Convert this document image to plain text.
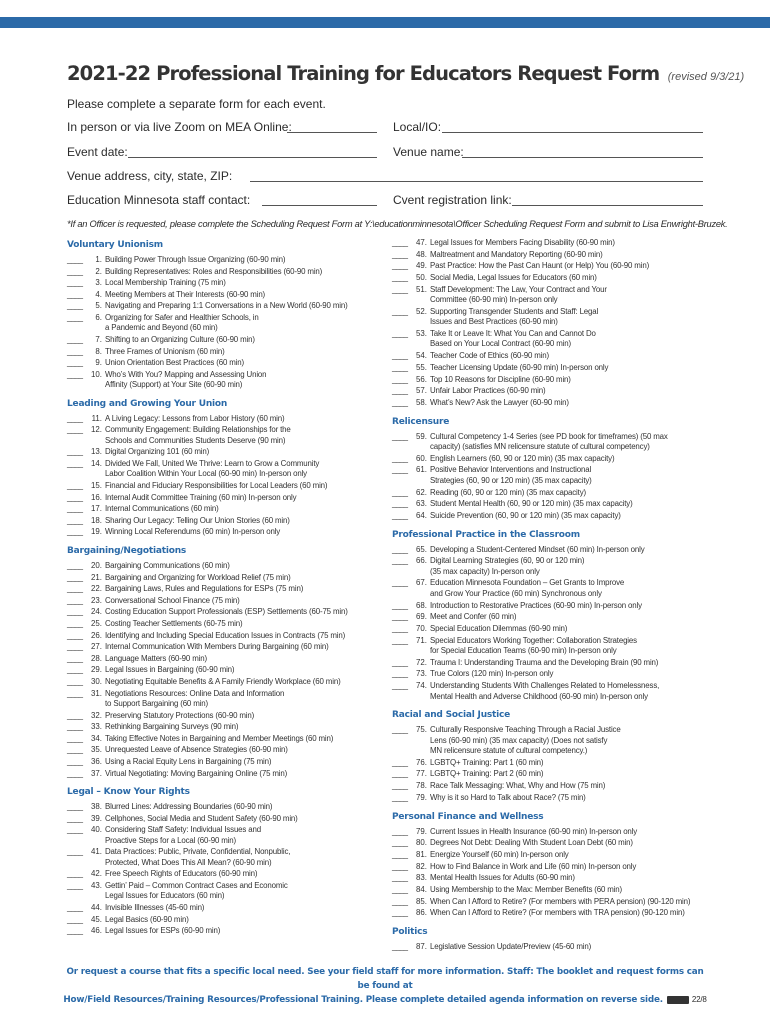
2021-22 Professional Training for Educators Request Form (revised 9/3/21)
Please complete a separate form for each event.
In person or via live Zoom on MEA Online:	Local/IO:
Event date:	Venue name:
Venue address, city, state, ZIP:
Education Minnesota staff contact:	Cvent registration link:
*If an Officer is requested, please complete the Scheduling Request Form at Y:\educationminnesota\Officer Scheduling Request Form and submit to Lisa Enwright-Bruzek.
Voluntary Unionism
____	1. Building Power Through Issue Organizing (60-90 min)
____	2. Building Representatives: Roles and Responsibilities (60-90 min)
____	3. Local Membership Training (75 min)
____	4. Meeting Members at Their Interests (60-90 min)
____	5. Navigating and Preparing 1:1 Conversations in a New World (60-90 min)
____	6. Organizing for Safer and Healthier Schools, in
a Pandemic and Beyond (60 min)
____	7. Shifting to an Organizing Culture (60-90 min)
____	8. Three Frames of Unionism (60 min)
____	9. Union Orientation Best Practices (60 min)
____	10. Who’s With You? Mapping and Assessing Union
Affinity (Support) at Your Site (60-90 min)
Leading and Growing Your Union
____	11. A Living Legacy: Lessons from Labor History (60 min)
____	12. Community Engagement: Building Relationships for the
Schools and Communities Students Deserve (90 min)
____	13. Digital Organizing 101 (60 min)
____	14. Divided We Fall, United We Thrive: Learn to Grow a Community
Labor Coalition Within Your Local (60-90 min) In-person only
____	15. Financial and Fiduciary Responsibilities for Local Leaders (60 min)
____	16. Internal Audit Committee Training (60 min) In-person only
____	17. Internal Communications (60 min)
____	18. Sharing Our Legacy: Telling Our Union Stories (60 min)
____	19. Winning Local Referendums (60 min) In-person only
Bargaining/Negotiations
____	20. Bargaining Communications (60 min)
____	21. Bargaining and Organizing for Workload Relief (75 min)
____	22. Bargaining Laws, Rules and Regulations for ESPs (75 min)
____	23. Conversational School Finance (75 min)
____	24. Costing Education Support Professionals (ESP) Settlements (60-75 min)
____	25. Costing Teacher Settlements (60-75 min)
____	26. Identifying and Including Special Education Issues in Contracts (75 min)
____	27. Internal Communication With Members During Bargaining (60 min)
____	28. Language Matters (60-90 min)
____	29. Legal Issues in Bargaining (60-90 min)
____	30. Negotiating Equitable Benefits & A Family Friendly Workplace (60 min)
____	31. Negotiations Resources: Online Data and Information
to Support Bargaining (60 min)
____	32. Preserving Statutory Protections (60-90 min)
____	33. Rethinking Bargaining Surveys (90 min)
____	34. Taking Effective Notes in Bargaining and Member Meetings (60 min)
____	35. Unrequested Leave of Absence Strategies (60-90 min)
____	36. Using a Racial Equity Lens in Bargaining (75 min)
____	37. Virtual Negotiating: Moving Bargaining Online (75 min)
Legal – Know Your Rights
____	38. Blurred Lines: Addressing Boundaries (60-90 min)
____	39. Cellphones, Social Media and Student Safety (60-90 min)
____	40. Considering Staff Safety: Individual Issues and
Proactive Steps for a Local (60-90 min)
____	41. Data Practices: Public, Private, Confidential, Nonpublic,
Protected, What Does This All Mean? (60-90 min)
____	42. Free Speech Rights of Educators (60-90 min)
____	43. Gettin’ Paid – Common Contract Cases and Economic
Legal Issues for Educators (60 min)
____	44. Invisible Illnesses (45-60 min)
____	45. Legal Basics (60-90 min)
____	46. Legal Issues for ESPs (60-90 min)
____	47. Legal Issues for Members Facing Disability (60-90 min)
____	48. Maltreatment and Mandatory Reporting (60-90 min)
____	49. Past Practice: How the Past Can Haunt (or Help) You (60-90 min)
____	50. Social Media, Legal Issues for Educators (60 min)
____	51. Staff Development: The Law, Your Contract and Your
Committee (60-90 min) In-person only
____	52. Supporting Transgender Students and Staff: Legal
Issues and Best Practices (60-90 min)
____	53. Take It or Leave It: What You Can and Cannot Do
Based on Your Local Contract (60-90 min)
____	54. Teacher Code of Ethics (60-90 min)
____	55. Teacher Licensing Update (60-90 min) In-person only
____	56. Top 10 Reasons for Discipline (60-90 min)
____	57. Unfair Labor Practices (60-90 min)
____	58. What’s New? Ask the Lawyer (60-90 min)
Relicensure
____	59. Cultural Competency 1-4 Series (see PD book for timeframes) (50 max
capacity) (satisfies MN relicensure statute of cultural competency)
____	60. English Learners (60, 90 or 120 min) (35 max capacity)
____	61. Positive Behavior Interventions and Instructional
Strategies (60, 90 or 120 min) (35 max capacity)
____	62. Reading (60, 90 or 120 min) (35 max capacity)
____	63. Student Mental Health (60, 90 or 120 min) (35 max capacity)
____	64. Suicide Prevention (60, 90 or 120 min) (35 max capacity)
Professional Practice in the Classroom
____	65. Developing a Student-Centered Mindset (60 min) In-person only
____	66. Digital Learning Strategies (60, 90 or 120 min)
(35 max capacity) In-person only
____	67. Education Minnesota Foundation – Get Grants to Improve
and Grow Your Practice (60 min) Synchronous only
____	68. Introduction to Restorative Practices (60-90 min) In-person only
____	69. Meet and Confer (60 min)
____	70. Special Education Dilemmas (60-90 min)
____	71. Special Educators Working Together: Collaboration Strategies
for Special Education Teams (60-90 min) In-person only
____	72. Trauma I: Understanding Trauma and the Developing Brain (90 min)
____	73. True Colors (120 min) In-person only
____	74. Understanding Students With Challenges Related to Homelessness,
Mental Health and Adverse Childhood (60-90 min) In-person only
Racial and Social Justice
____	75. Culturally Responsive Teaching Through a Racial Justice
Lens (60-90 min) (35 max capacity) (Does not satisfy
MN relicensure statute of cultural competency.)
____	76. LGBTQ+ Training: Part 1 (60 min)
____	77. LGBTQ+ Training: Part 2 (60 min)
____	78. Race Talk Messaging: What, Why and How (75 min)
____	79. Why is it so Hard to Talk about Race? (75 min)
Personal Finance and Wellness
____	79. Current Issues in Health Insurance (60-90 min) In-person only
____	80. Degrees Not Debt: Dealing With Student Loan Debt (60 min)
____	81. Energize Yourself (60 min) In-person only
____	82. How to Find Balance in Work and Life (60 min) In-person only
____	83. Mental Health Issues for Adults (60-90 min)
____	84. Using Membership to the Max: Member Benefits (60 min)
____	85. When Can I Afford to Retire? (For members with PERA pension) (90-120 min)
____	86. When Can I Afford to Retire? (For members with TRA pension) (90-120 min)
Politics
____	87. Legislative Session Update/Preview (45-60 min)
Or request a course that fits a specific local need. See your field staff for more information. Staff: The booklet and request forms can be found at
How/Field Resources/Training Resources/Professional Training. Please complete detailed agenda information on reverse side.	22/8
